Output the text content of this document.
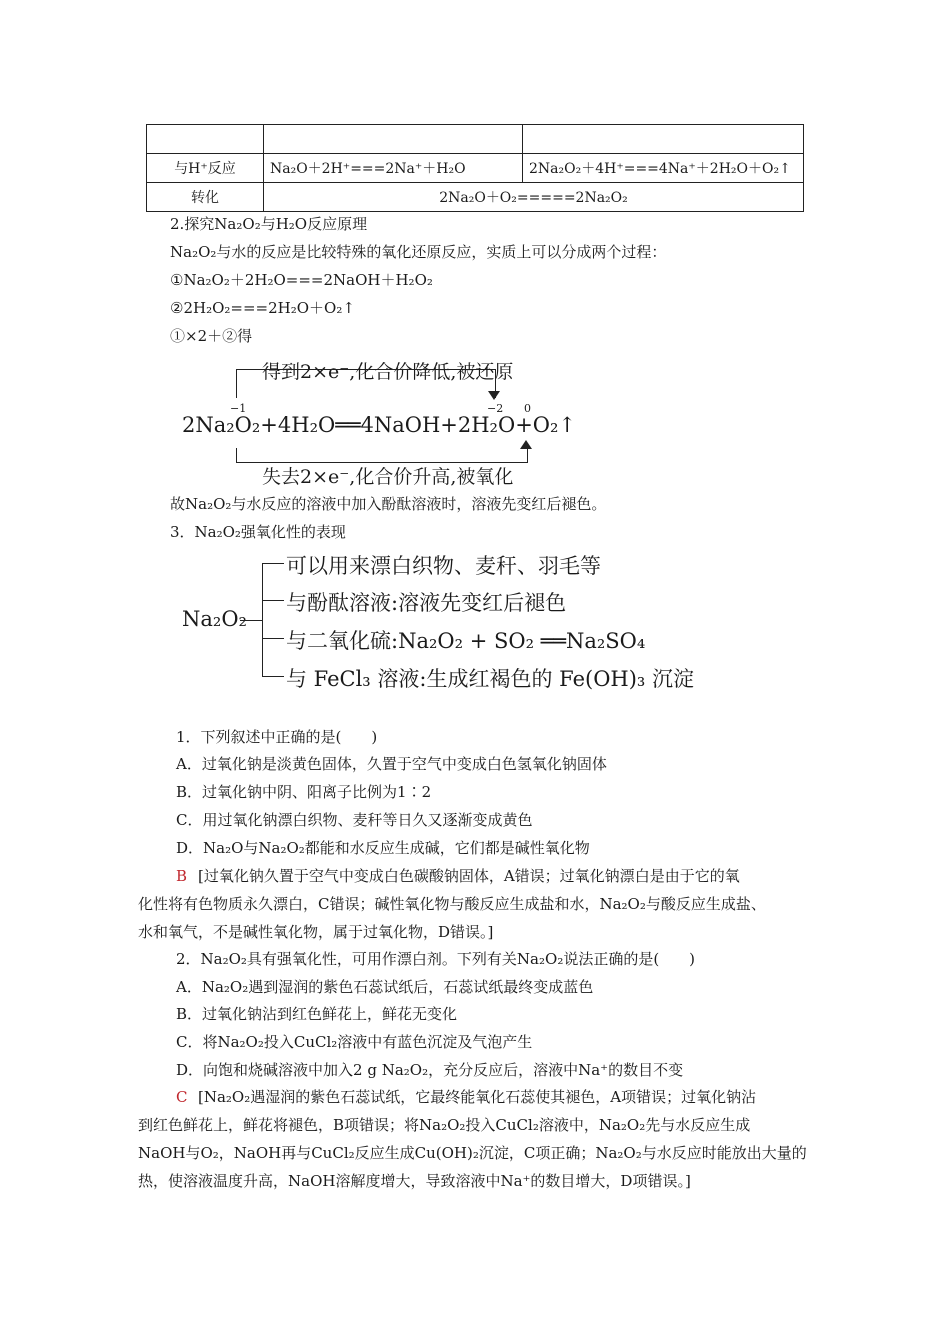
与H⁺反应	Na₂O＋2H⁺===2Na⁺＋H₂O	2Na₂O₂＋4H⁺===4Na⁺＋2H₂O＋O₂↑
转化	2Na₂O＋O₂=====2Na₂O₂	
2.探究Na₂O₂与H₂O反应原理
Na₂O₂与水的反应是比较特殊的氧化还原反应，实质上可以分成两个过程：
①Na₂O₂＋2H₂O===2NaOH＋H₂O₂
②2H₂O₂===2H₂O＋O₂↑
①×2＋②得
得到2×e⁻,化合价降低,被还原
−1	−2 0
2Na₂O₂+4H₂O══4NaOH+2H₂O+O₂↑
失去2×e⁻,化合价升高,被氧化
故Na₂O₂与水反应的溶液中加入酚酞溶液时，溶液先变红后褪色。
3．Na₂O₂强氧化性的表现
Na₂O₂
可以用来漂白织物、麦秆、羽毛等
与酚酞溶液:溶液先变红后褪色
与二氧化硫:Na₂O₂ + SO₂ ══Na₂SO₄
与 FeCl₃ 溶液:生成红褐色的 Fe(OH)₃ 沉淀
1．下列叙述中正确的是(　　)
A．过氧化钠是淡黄色固体，久置于空气中变成白色氢氧化钠固体
B．过氧化钠中阴、阳离子比例为1∶2
C．用过氧化钠漂白织物、麦秆等日久又逐渐变成黄色
D．Na₂O与Na₂O₂都能和水反应生成碱，它们都是碱性氧化物
B [过氧化钠久置于空气中变成白色碳酸钠固体，A错误；过氧化钠漂白是由于它的氧
化性将有色物质永久漂白，C错误；碱性氧化物与酸反应生成盐和水，Na₂O₂与酸反应生成盐、
水和氧气，不是碱性氧化物，属于过氧化物，D错误。]
2．Na₂O₂具有强氧化性，可用作漂白剂。下列有关Na₂O₂说法正确的是(　　)
A．Na₂O₂遇到湿润的紫色石蕊试纸后，石蕊试纸最终变成蓝色
B．过氧化钠沾到红色鲜花上，鲜花无变化
C．将Na₂O₂投入CuCl₂溶液中有蓝色沉淀及气泡产生
D．向饱和烧碱溶液中加入2 g Na₂O₂，充分反应后，溶液中Na⁺的数目不变
C [Na₂O₂遇湿润的紫色石蕊试纸，它最终能氧化石蕊使其褪色，A项错误；过氧化钠沾
到红色鲜花上，鲜花将褪色，B项错误；将Na₂O₂投入CuCl₂溶液中，Na₂O₂先与水反应生成
NaOH与O₂，NaOH再与CuCl₂反应生成Cu(OH)₂沉淀，C项正确；Na₂O₂与水反应时能放出大量的
热，使溶液温度升高，NaOH溶解度增大，导致溶液中Na⁺的数目增大，D项错误。]
